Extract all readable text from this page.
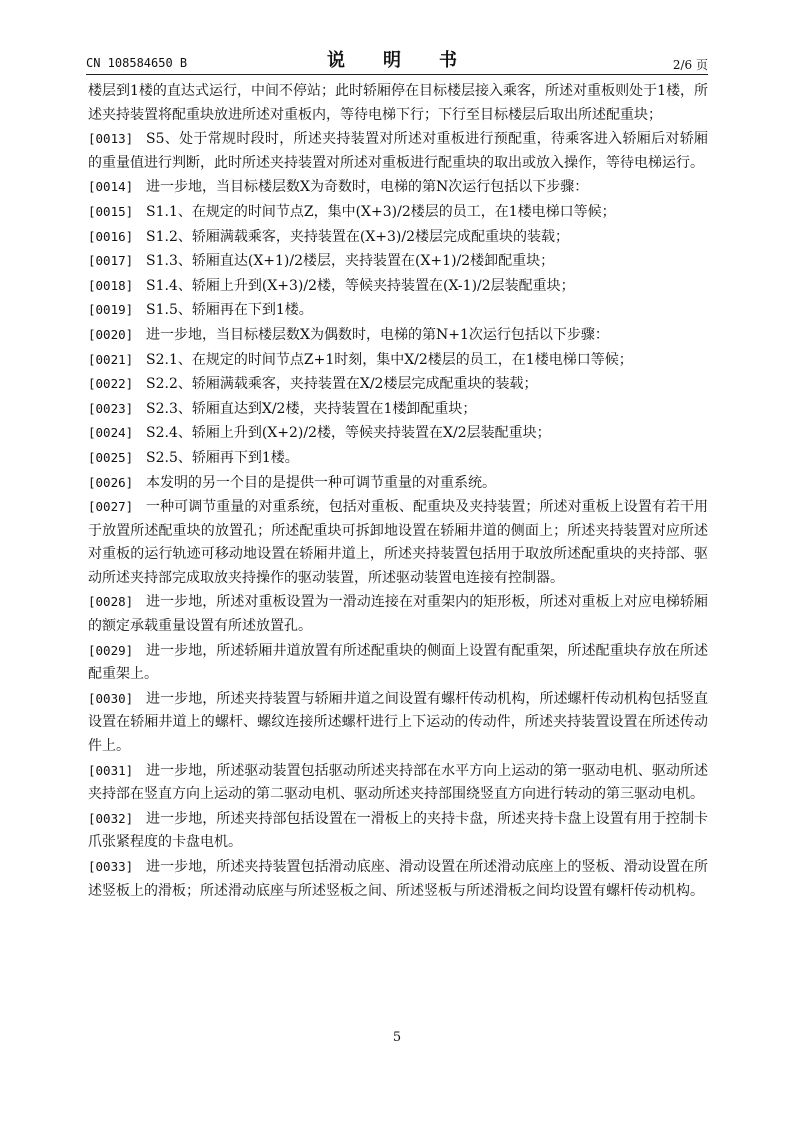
CN 108584650 B	说　明　书	2/6 页

楼层到1楼的直达式运行，中间不停站；此时轿厢停在目标楼层接入乘客，所述对重板则处于1楼，所述夹持装置将配重块放进所述对重板内，等待电梯下行；下行至目标楼层后取出所述配重块；

[0013] S5、处于常规时段时，所述夹持装置对所述对重板进行预配重，待乘客进入轿厢后对轿厢的重量值进行判断，此时所述夹持装置对所述对重板进行配重块的取出或放入操作，等待电梯运行。

[0014] 进一步地，当目标楼层数X为奇数时，电梯的第N次运行包括以下步骤：

[0015] S1.1、在规定的时间节点Z，集中(X+3)/2楼层的员工，在1楼电梯口等候；

[0016] S1.2、轿厢满载乘客，夹持装置在(X+3)/2楼层完成配重块的装载；

[0017] S1.3、轿厢直达(X+1)/2楼层，夹持装置在(X+1)/2楼卸配重块；

[0018] S1.4、轿厢上升到(X+3)/2楼，等候夹持装置在(X-1)/2层装配重块；

[0019] S1.5、轿厢再在下到1楼。

[0020] 进一步地，当目标楼层数X为偶数时，电梯的第N+1次运行包括以下步骤：

[0021] S2.1、在规定的时间节点Z+1时刻，集中X/2楼层的员工，在1楼电梯口等候；

[0022] S2.2、轿厢满载乘客，夹持装置在X/2楼层完成配重块的装载；

[0023] S2.3、轿厢直达到X/2楼，夹持装置在1楼卸配重块；

[0024] S2.4、轿厢上升到(X+2)/2楼，等候夹持装置在X/2层装配重块；

[0025] S2.5、轿厢再下到1楼。

[0026] 本发明的另一个目的是提供一种可调节重量的对重系统。

[0027] 一种可调节重量的对重系统，包括对重板、配重块及夹持装置；所述对重板上设置有若干用于放置所述配重块的放置孔；所述配重块可拆卸地设置在轿厢井道的侧面上；所述夹持装置对应所述对重板的运行轨迹可移动地设置在轿厢井道上，所述夹持装置包括用于取放所述配重块的夹持部、驱动所述夹持部完成取放夹持操作的驱动装置，所述驱动装置电连接有控制器。

[0028] 进一步地，所述对重板设置为一滑动连接在对重架内的矩形板，所述对重板上对应电梯轿厢的额定承载重量设置有所述放置孔。

[0029] 进一步地，所述轿厢井道放置有所述配重块的侧面上设置有配重架，所述配重块存放在所述配重架上。

[0030] 进一步地，所述夹持装置与轿厢井道之间设置有螺杆传动机构，所述螺杆传动机构包括竖直设置在轿厢井道上的螺杆、螺纹连接所述螺杆进行上下运动的传动件，所述夹持装置设置在所述传动件上。

[0031] 进一步地，所述驱动装置包括驱动所述夹持部在水平方向上运动的第一驱动电机、驱动所述夹持部在竖直方向上运动的第二驱动电机、驱动所述夹持部围绕竖直方向进行转动的第三驱动电机。

[0032] 进一步地，所述夹持部包括设置在一滑板上的夹持卡盘，所述夹持卡盘上设置有用于控制卡爪张紧程度的卡盘电机。

[0033] 进一步地，所述夹持装置包括滑动底座、滑动设置在所述滑动底座上的竖板、滑动设置在所述竖板上的滑板；所述滑动底座与所述竖板之间、所述竖板与所述滑板之间均设置有螺杆传动机构。

5
